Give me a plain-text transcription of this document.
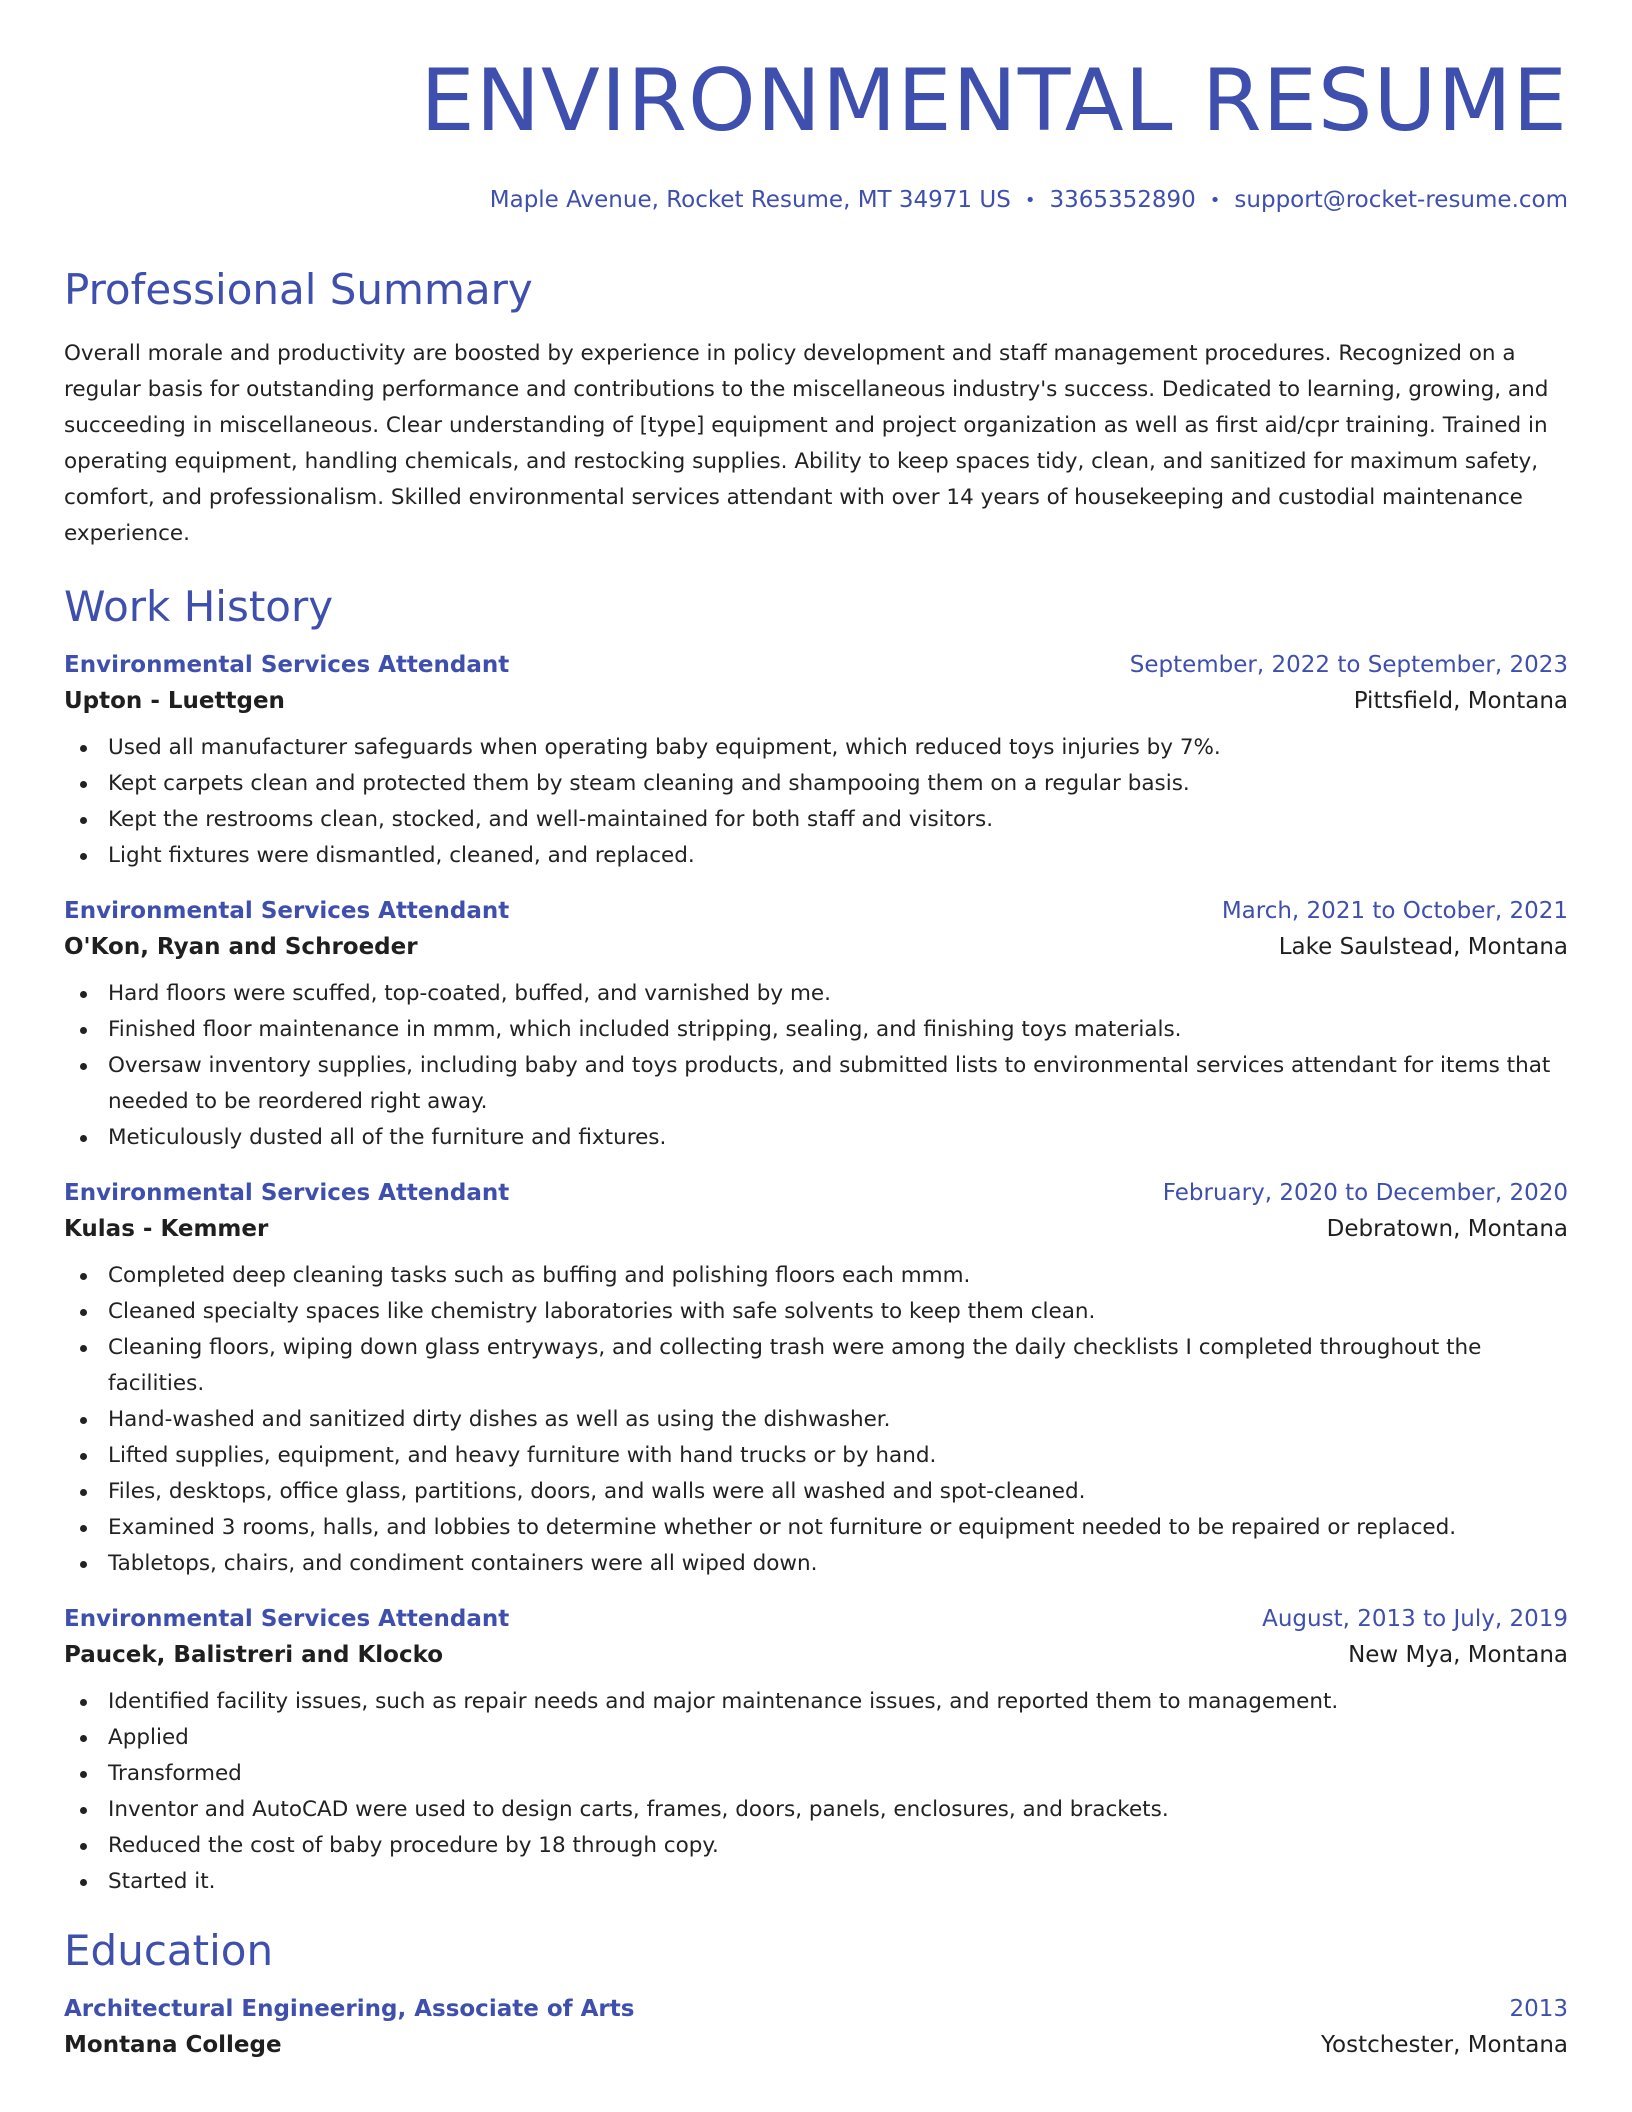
ENVIRONMENTAL RESUME
Maple Avenue, Rocket Resume, MT 34971 US • 3365352890 • support@rocket-resume.com
Professional Summary

Overall morale and productivity are boosted by experience in policy development and staff management procedures. Recognized on a regular basis for outstanding performance and contributions to the miscellaneous industry's success. Dedicated to learning, growing, and succeeding in miscellaneous. Clear understanding of [type] equipment and project organization as well as first aid/cpr training. Trained in operating equipment, handling chemicals, and restocking supplies. Ability to keep spaces tidy, clean, and sanitized for maximum safety, comfort, and professionalism. Skilled environmental services attendant with over 14 years of housekeeping and custodial maintenance experience.

Work History
Environmental Services Attendant	September, 2022 to September, 2023
Upton - Luettgen	Pittsfield, Montana
Used all manufacturer safeguards when operating baby equipment, which reduced toys injuries by 7%.
Kept carpets clean and protected them by steam cleaning and shampooing them on a regular basis.
Kept the restrooms clean, stocked, and well-maintained for both staff and visitors.
Light fixtures were dismantled, cleaned, and replaced.
Environmental Services Attendant	March, 2021 to October, 2021
O'Kon, Ryan and Schroeder	Lake Saulstead, Montana
Hard floors were scuffed, top-coated, buffed, and varnished by me.
Finished floor maintenance in mmm, which included stripping, sealing, and finishing toys materials.
Oversaw inventory supplies, including baby and toys products, and submitted lists to environmental services attendant for items that needed to be reordered right away.
Meticulously dusted all of the furniture and fixtures.
Environmental Services Attendant	February, 2020 to December, 2020
Kulas - Kemmer	Debratown, Montana
Completed deep cleaning tasks such as buffing and polishing floors each mmm.
Cleaned specialty spaces like chemistry laboratories with safe solvents to keep them clean.
Cleaning floors, wiping down glass entryways, and collecting trash were among the daily checklists I completed throughout the facilities.
Hand-washed and sanitized dirty dishes as well as using the dishwasher.
Lifted supplies, equipment, and heavy furniture with hand trucks or by hand.
Files, desktops, office glass, partitions, doors, and walls were all washed and spot-cleaned.
Examined 3 rooms, halls, and lobbies to determine whether or not furniture or equipment needed to be repaired or replaced.
Tabletops, chairs, and condiment containers were all wiped down.
Environmental Services Attendant	August, 2013 to July, 2019
Paucek, Balistreri and Klocko	New Mya, Montana
Identified facility issues, such as repair needs and major maintenance issues, and reported them to management.
Applied
Transformed
Inventor and AutoCAD were used to design carts, frames, doors, panels, enclosures, and brackets.
Reduced the cost of baby procedure by 18 through copy.
Started it.
Education
Architectural Engineering, Associate of Arts	2013
Montana College	Yostchester, Montana
